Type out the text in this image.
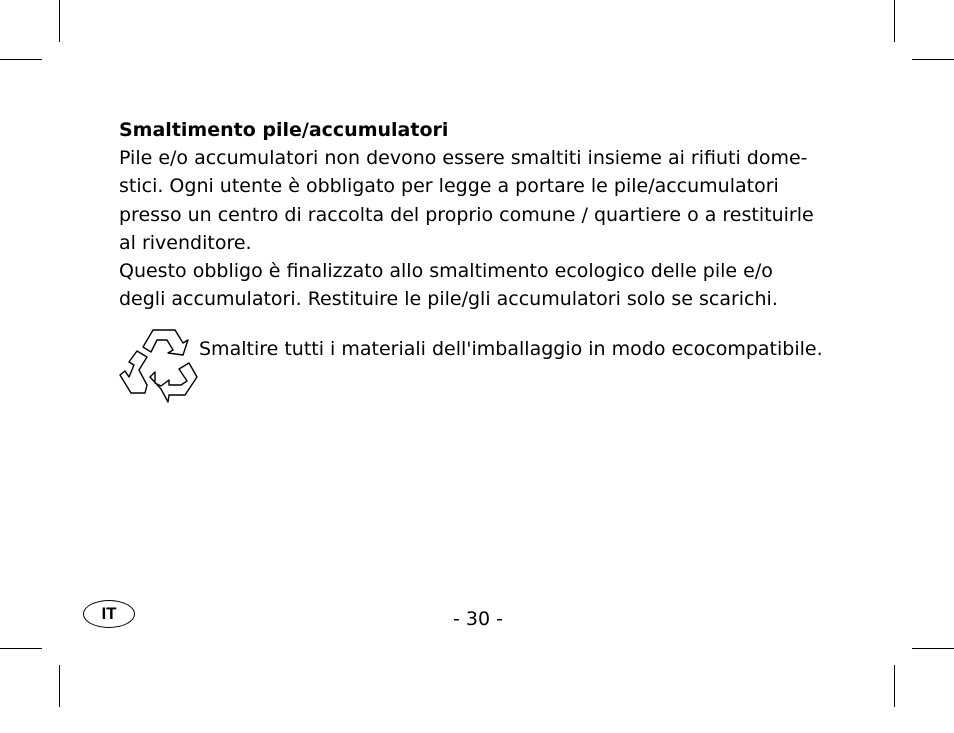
Smaltimento pile/accumulatori

Pile e/o accumulatori non devono essere smaltiti insieme ai rifiuti dome-

stici. Ogni utente è obbligato per legge a portare le pile/accumulatori

presso un centro di raccolta del proprio comune / quartiere o a restituirle

al rivenditore.

Questo obbligo è finalizzato allo smaltimento ecologico delle pile e/o

degli accumulatori. Restituire le pile/gli accumulatori solo se scarichi.

Smaltire tutti i materiali dell'imballaggio in modo ecocompatibile.
IT	- 30 -
